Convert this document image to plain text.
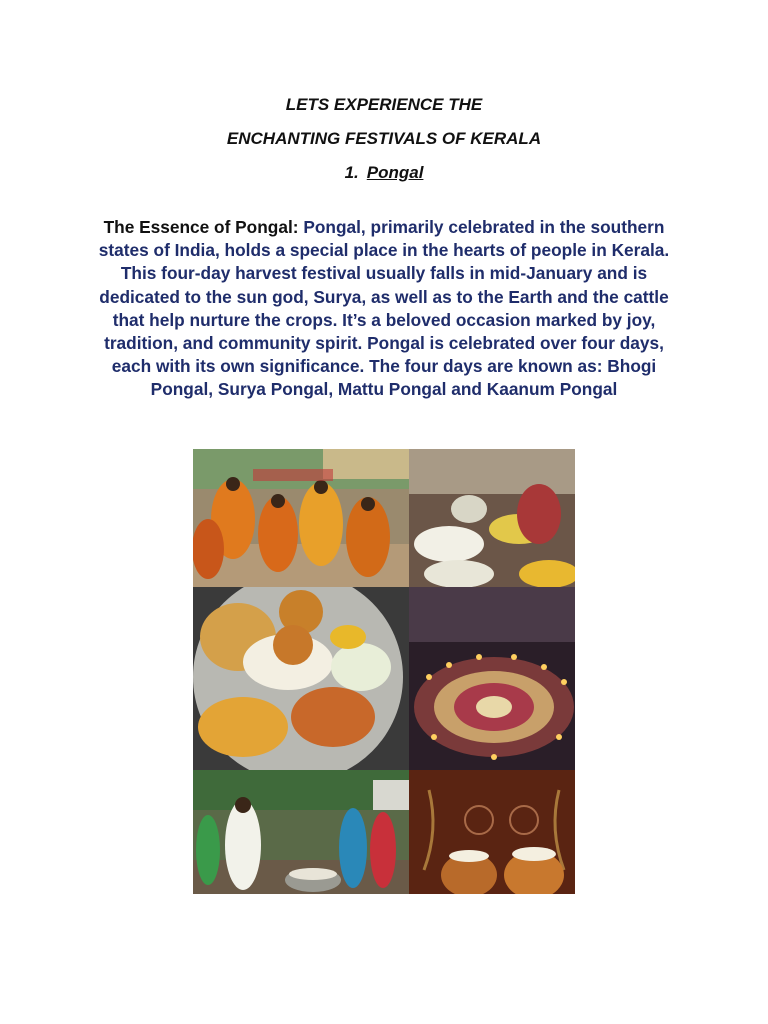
LETS EXPERIENCE THE
ENCHANTING FESTIVALS OF KERALA
1. Pongal
The Essence of Pongal: Pongal, primarily celebrated in the southern states of India, holds a special place in the hearts of people in Kerala. This four-day harvest festival usually falls in mid-January and is dedicated to the sun god, Surya, as well as to the Earth and the cattle that help nurture the crops. It’s a beloved occasion marked by joy, tradition, and community spirit. Pongal is celebrated over four days, each with its own significance. The four days are known as: Bhogi Pongal, Surya Pongal, Mattu Pongal and Kaanum Pongal
